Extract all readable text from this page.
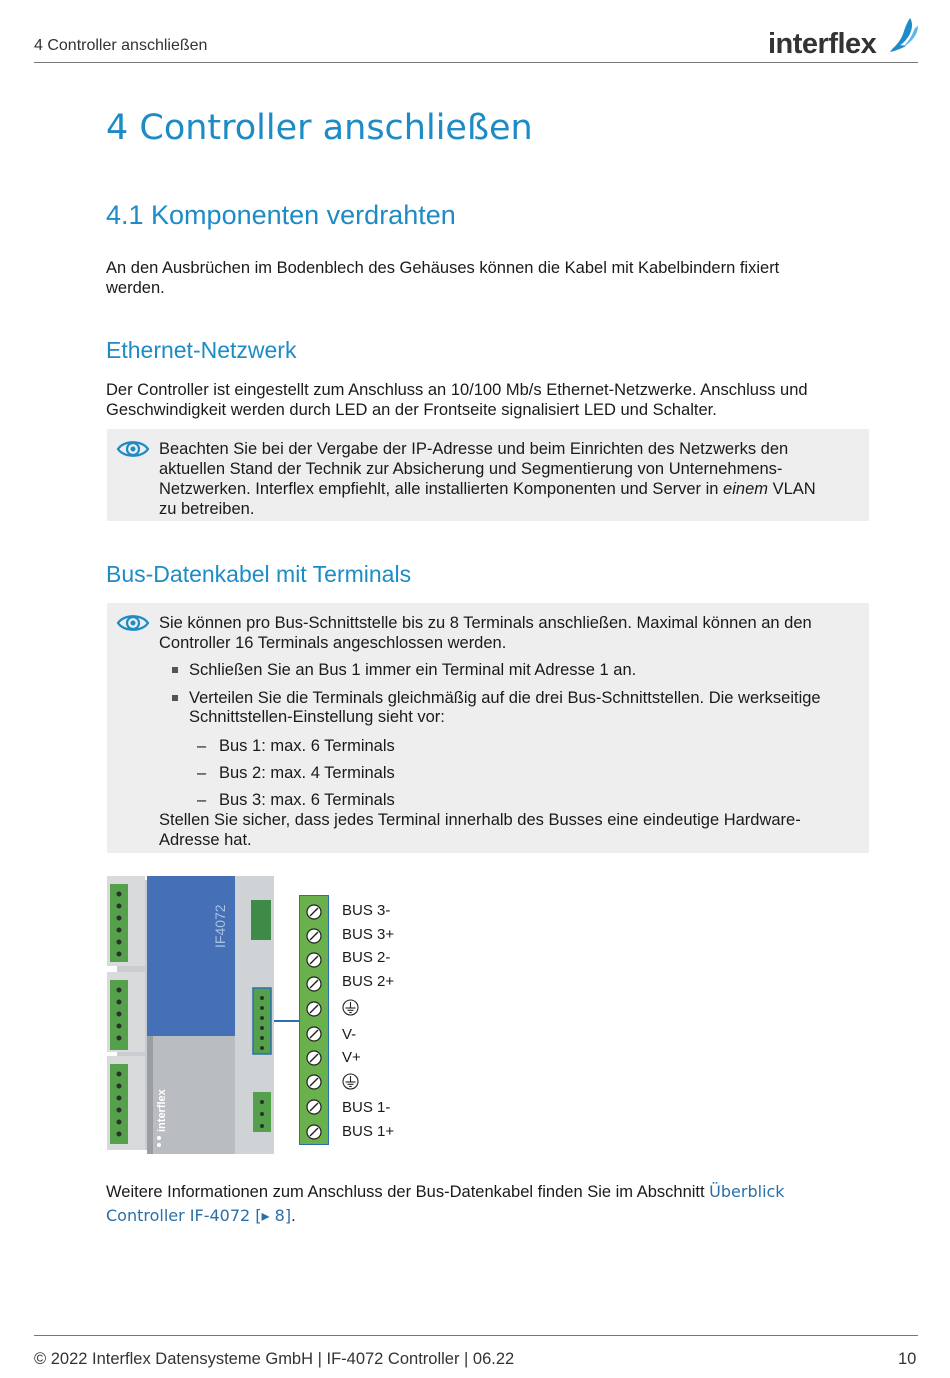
4 Controller anschließen	interflex
4 Controller anschließen
4.1 Komponenten verdrahten
An den Ausbrüchen im Bodenblech des Gehäuses können die Kabel mit Kabelbindern fixiert
werden.
Ethernet-Netzwerk
Der Controller ist eingestellt zum Anschluss an 10/100 Mb/s Ethernet-Netzwerke. Anschluss und
Geschwindigkeit werden durch LED an der Frontseite signalisiert LED und Schalter.
Beachten Sie bei der Vergabe der IP-Adresse und beim Einrichten des Netzwerks den
aktuellen Stand der Technik zur Absicherung und Segmentierung von Unternehmens-
Netzwerken. Interflex empfiehlt, alle installierten Komponenten und Server in einem VLAN
zu betreiben.
Bus-Datenkabel mit Terminals
Sie können pro Bus-Schnittstelle bis zu 8 Terminals anschließen. Maximal können an den
Controller 16 Terminals angeschlossen werden.
Schließen Sie an Bus 1 immer ein Terminal mit Adresse 1 an.
Verteilen Sie die Terminals gleichmäßig auf die drei Bus-Schnittstellen. Die werkseitige
Schnittstellen-Einstellung sieht vor:
– Bus 1: max. 6 Terminals
– Bus 2: max. 4 Terminals
– Bus 3: max. 6 Terminals
Stellen Sie sicher, dass jedes Terminal innerhalb des Busses eine eindeutige Hardware-
Adresse hat.
IF4072
interflex
BUS 3-
BUS 3+
BUS 2-
BUS 2+
V-
V+
BUS 1-
BUS 1+
Weitere Informationen zum Anschluss der Bus-Datenkabel finden Sie im Abschnitt Überblick
Controller IF-4072 [▸ 8].
© 2022 Interflex Datensysteme GmbH | IF-4072 Controller | 06.22	10
